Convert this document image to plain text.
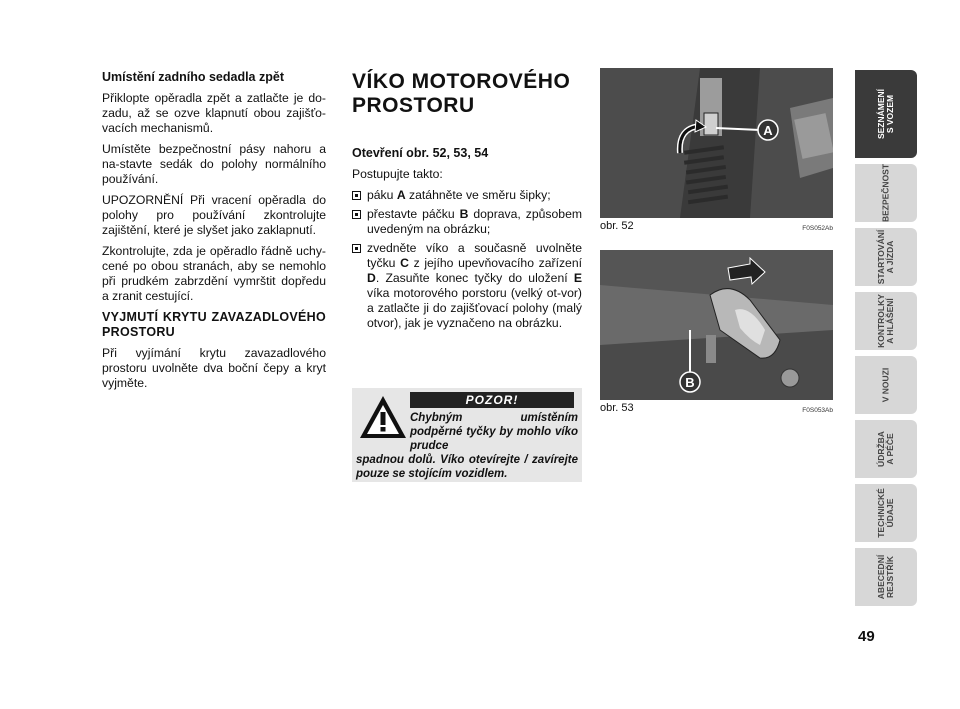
Umístění zadního sedadla zpět

Přiklopte opěradla zpět a zatlačte je do-zadu, až se ozve klapnutí obou zajišťo-vacích mechanismů.

Umístěte bezpečnostní pásy nahoru a na-stavte sedák do polohy normálního používání.

UPOZORNĚNÍ Při vracení opěradla do polohy pro používání zkontrolujte zajištění, které je slyšet jako zaklapnutí.

Zkontrolujte, zda je opěradlo řádně uchy-cené po obou stranách, aby se nemohlo při prudkém zabrzdění vymrštit dopředu a zranit cestující.

VYJMUTÍ KRYTU ZAVAZADLOVÉHO PROSTORU

Při vyjímání krytu zavazadlového prostoru uvolněte dva boční čepy a kryt vyjměte.

VÍKO MOTOROVÉHO PROSTORU

Otevření obr. 52, 53, 54

Postupujte takto:

páku A zatáhněte ve směru šipky;
přestavte páčku B doprava, způsobem uvedeným na obrázku;
zvedněte víko a současně uvolněte tyčku C z jejího upevňovacího zařízení D. Zasuňte konec tyčky do uložení E víka motorového porstoru (velký ot-vor) a zatlačte ji do zajišťovací polohy (malý otvor), jak je vyznačeno na obrázku.
POZOR!
Chybným umístěním podpěrné tyčky by mohlo víko prudce
spadnou dolů. Víko otevírejte / zavírejte pouze se stojícím vozidlem.
A
obr. 52	F0S052Ab
B
obr. 53	F0S053Ab
SEZNÁMENÍ
S VOZEM
BEZPEČNOST
STARTOVÁNÍ
A JÍZDA
KONTROLKY
A HLÁŠENÍ
V NOUZI
ÚDRŽBA
A PÉČE
TECHNICKÉ
ÚDAJE
ABECEDNÍ
REJSTŘÍK
49
